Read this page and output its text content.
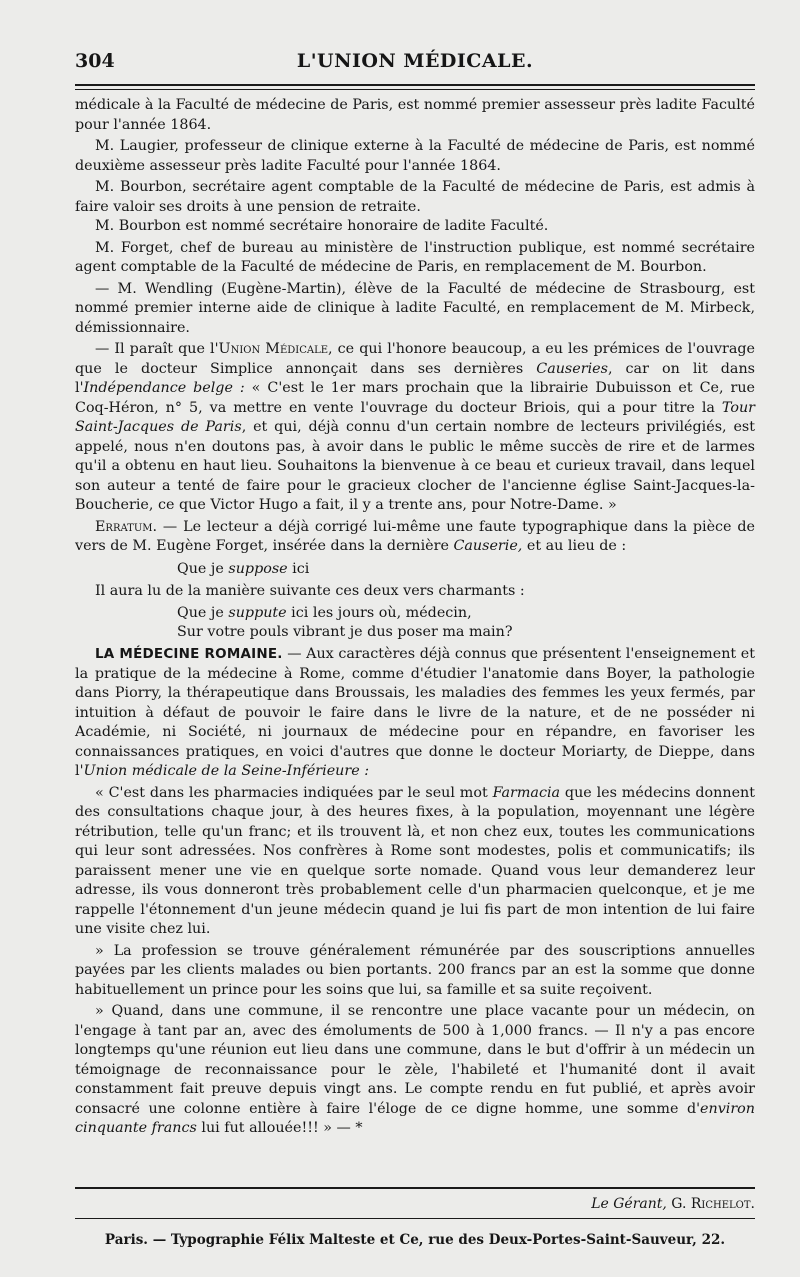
304	L'UNION MÉDICALE.

médicale à la Faculté de médecine de Paris, est nommé premier assesseur près ladite Faculté pour l'année 1864.

M. Laugier, professeur de clinique externe à la Faculté de médecine de Paris, est nommé deuxième assesseur près ladite Faculté pour l'année 1864.

M. Bourbon, secrétaire agent comptable de la Faculté de médecine de Paris, est admis à faire valoir ses droits à une pension de retraite.

M. Bourbon est nommé secrétaire honoraire de ladite Faculté.

M. Forget, chef de bureau au ministère de l'instruction publique, est nommé secrétaire agent comptable de la Faculté de médecine de Paris, en remplacement de M. Bourbon.

— M. Wendling (Eugène-Martin), élève de la Faculté de médecine de Strasbourg, est nommé premier interne aide de clinique à ladite Faculté, en remplacement de M. Mirbeck, démissionnaire.

— Il paraît que l'Union Médicale, ce qui l'honore beaucoup, a eu les prémices de l'ouvrage que le docteur Simplice annonçait dans ses dernières Causeries, car on lit dans l'Indépendance belge : « C'est le 1er mars prochain que la librairie Dubuisson et Ce, rue Coq-Héron, n° 5, va mettre en vente l'ouvrage du docteur Briois, qui a pour titre la Tour Saint-Jacques de Paris, et qui, déjà connu d'un certain nombre de lecteurs privilégiés, est appelé, nous n'en doutons pas, à avoir dans le public le même succès de rire et de larmes qu'il a obtenu en haut lieu. Souhaitons la bienvenue à ce beau et curieux travail, dans lequel son auteur a tenté de faire pour le gracieux clocher de l'ancienne église Saint-Jacques-la-Boucherie, ce que Victor Hugo a fait, il y a trente ans, pour Notre-Dame. »

Erratum. — Le lecteur a déjà corrigé lui-même une faute typographique dans la pièce de vers de M. Eugène Forget, insérée dans la dernière Causerie, et au lieu de :

Que je suppose ici

Il aura lu de la manière suivante ces deux vers charmants :

Que je suppute ici les jours où, médecin,
Sur votre pouls vibrant je dus poser ma main?

LA MÉDECINE ROMAINE. — Aux caractères déjà connus que présentent l'enseignement et la pratique de la médecine à Rome, comme d'étudier l'anatomie dans Boyer, la pathologie dans Piorry, la thérapeutique dans Broussais, les maladies des femmes les yeux fermés, par intuition à défaut de pouvoir le faire dans le livre de la nature, et de ne posséder ni Académie, ni Société, ni journaux de médecine pour en répandre, en favoriser les connaissances pratiques, en voici d'autres que donne le docteur Moriarty, de Dieppe, dans l'Union médicale de la Seine-Inférieure :

« C'est dans les pharmacies indiquées par le seul mot Farmacia que les médecins donnent des consultations chaque jour, à des heures fixes, à la population, moyennant une légère rétribution, telle qu'un franc; et ils trouvent là, et non chez eux, toutes les communications qui leur sont adressées. Nos confrères à Rome sont modestes, polis et communicatifs; ils paraissent mener une vie en quelque sorte nomade. Quand vous leur demanderez leur adresse, ils vous donneront très probablement celle d'un pharmacien quelconque, et je me rappelle l'étonnement d'un jeune médecin quand je lui fis part de mon intention de lui faire une visite chez lui.

» La profession se trouve généralement rémunérée par des souscriptions annuelles payées par les clients malades ou bien portants. 200 francs par an est la somme que donne habituellement un prince pour les soins que lui, sa famille et sa suite reçoivent.

» Quand, dans une commune, il se rencontre une place vacante pour un médecin, on l'engage à tant par an, avec des émoluments de 500 à 1,000 francs. — Il n'y a pas encore longtemps qu'une réunion eut lieu dans une commune, dans le but d'offrir à un médecin un témoignage de reconnaissance pour le zèle, l'habileté et l'humanité dont il avait constamment fait preuve depuis vingt ans. Le compte rendu en fut publié, et après avoir consacré une colonne entière à faire l'éloge de ce digne homme, une somme d'environ cinquante francs lui fut allouée!!! » — *

Le Gérant, G. Richelot.
Paris. — Typographie Félix Malteste et Ce, rue des Deux-Portes-Saint-Sauveur, 22.
